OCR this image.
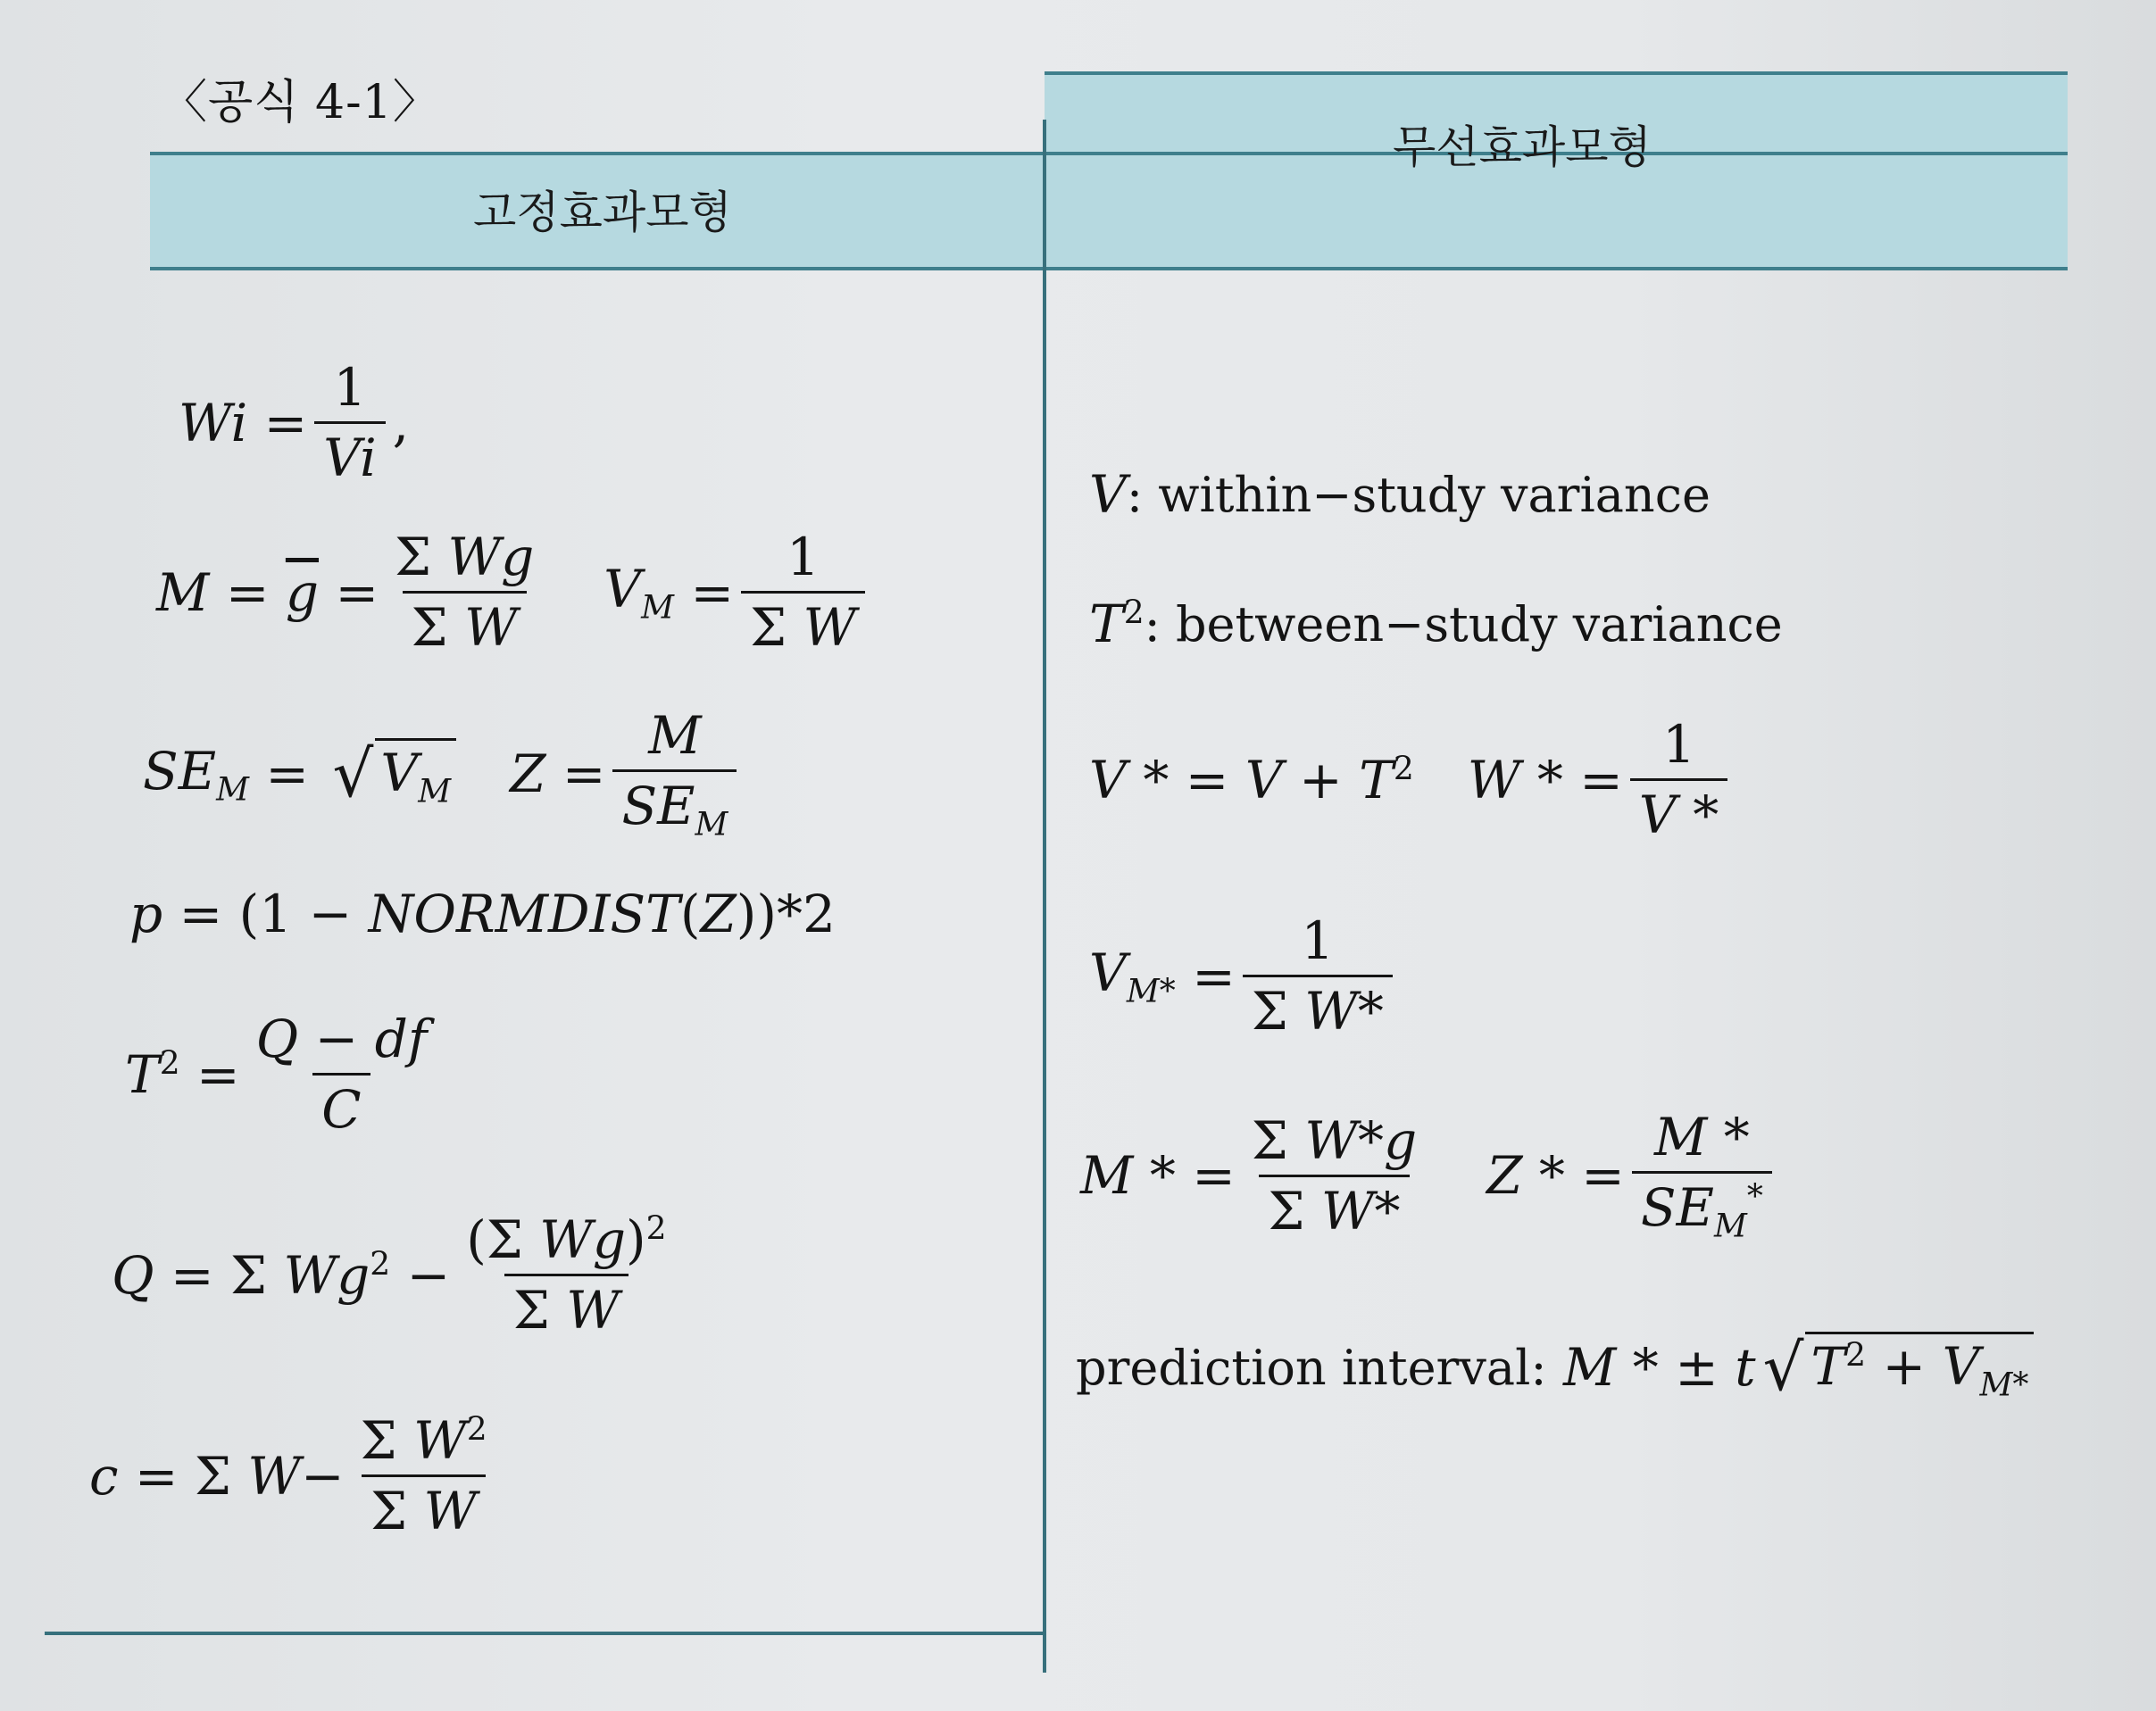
〈공식 4-1〉
고정효과모형
무선효과모형
Wi
= $\frac{1}{Vi}$ ,
$M = \overline{g} = \frac{\text{Σ Wg}}{\text{Σ W}} V_M = \frac{1}{\text{Σ W}}$
$SE_M$ = √ $V_M$ $Z = \frac{M}{SE_M}$
p = (1 − NORMDIST ( Z ))*2
$T^2 = \frac{Q - df}{C}$
Q = Σ $Wg^2 - \frac{(\Sigma Wg)^2}{\text{Σ W}}$
c = Σ $W - \frac{\Sigma W^2}{\text{Σ W}}$
V : within−study variance
$T^2$ : between−study variance
V * = $V + T^2$ W * = $\frac{1}{V *}$
$V_{M*} = \frac{1}{\text{Σ W*}}$
M * = $\frac{\text{Σ W*g}}{\text{Σ W*}}$ Z * = $\frac{M *}{SE_M^*}$
prediction interval:
M * ± t √ $T^2 + V_{M*}$
